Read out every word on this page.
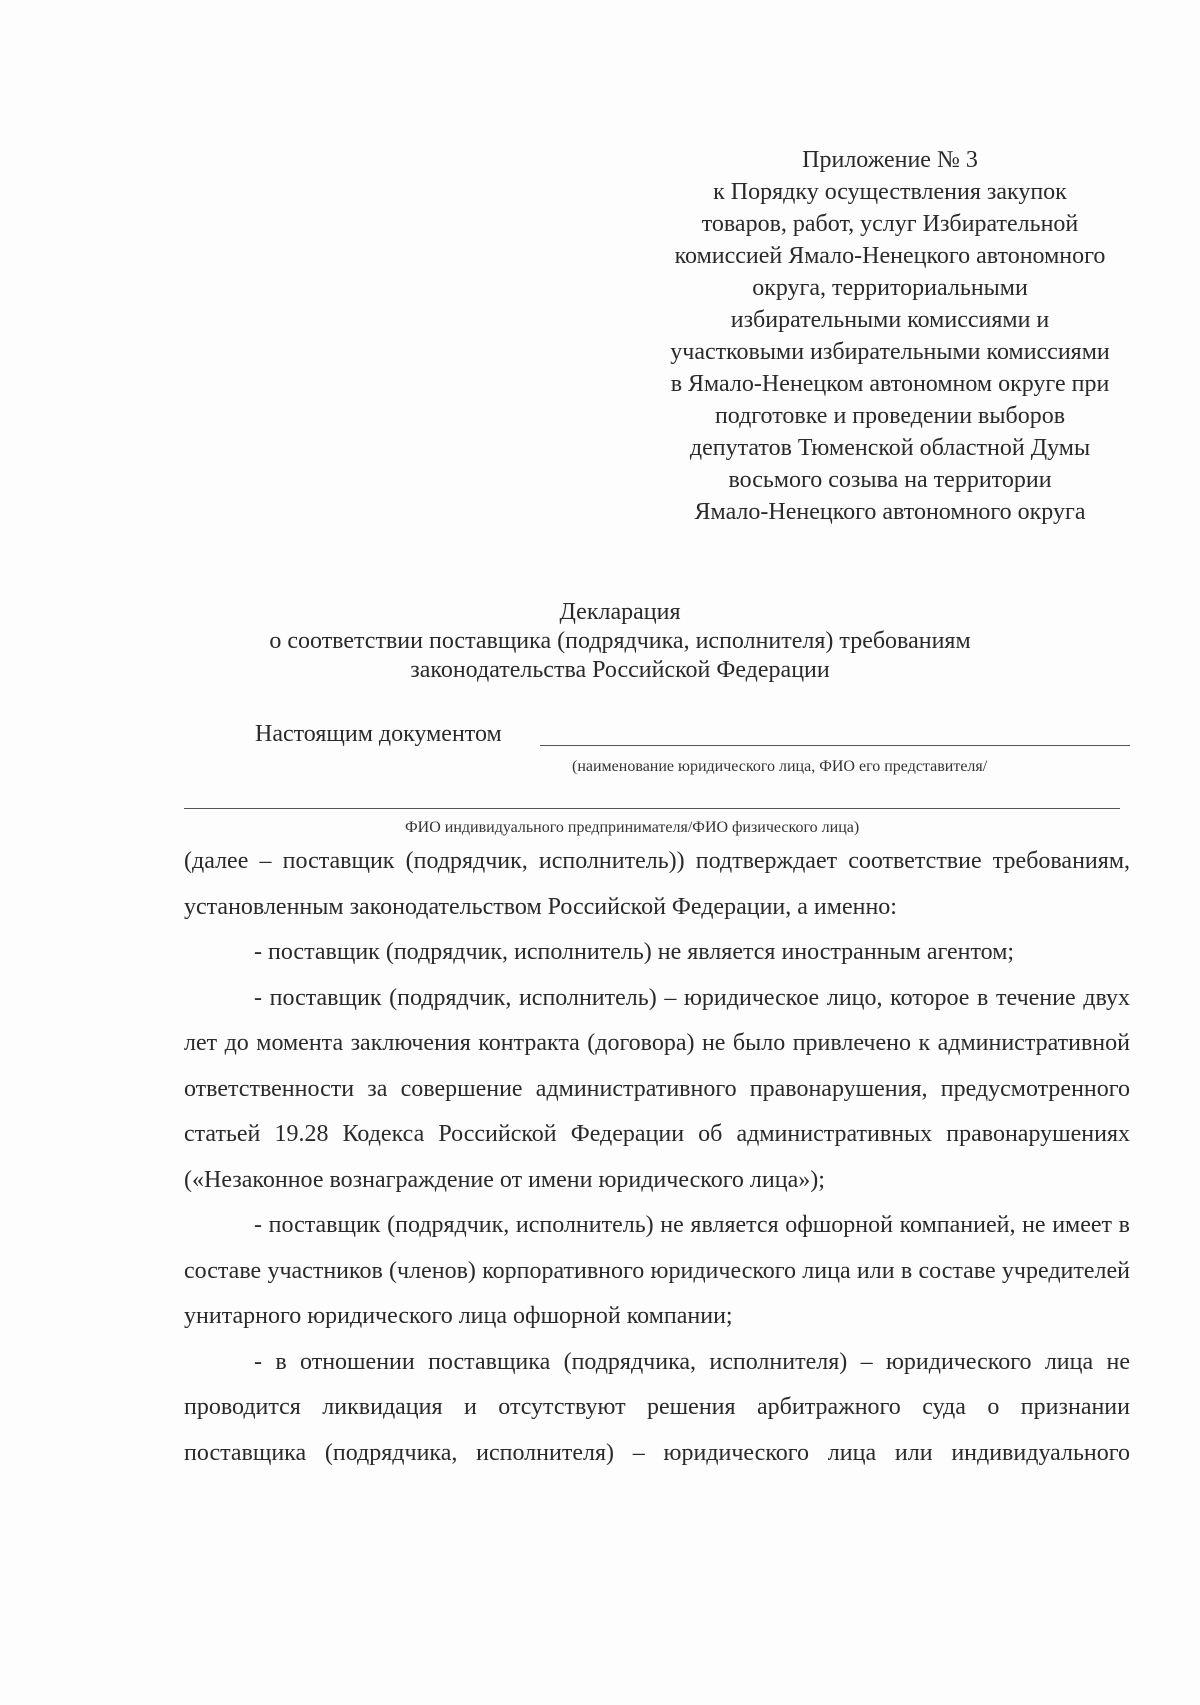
Приложение № 3
к Порядку осуществления закупок
товаров, работ, услуг Избирательной
комиссией Ямало-Ненецкого автономного
округа, территориальными
избирательными комиссиями и
участковыми избирательными комиссиями
в Ямало-Ненецком автономном округе при
подготовке и проведении выборов
депутатов Тюменской областной Думы
восьмого созыва на территории
Ямало-Ненецкого автономного округа
Декларация
о соответствии поставщика (подрядчика, исполнителя) требованиям
законодательства Российской Федерации
Настоящим документом
(наименование юридического лица, ФИО его представителя/
ФИО индивидуального предпринимателя/ФИО физического лица)

(далее – поставщик (подрядчик, исполнитель)) подтверждает соответствие требованиям, установленным законодательством Российской Федерации, а именно:

- поставщик (подрядчик, исполнитель) не является иностранным агентом;

- поставщик (подрядчик, исполнитель) – юридическое лицо, которое в течение двух лет до момента заключения контракта (договора) не было привлечено к административной ответственности за совершение административного правонарушения, предусмотренного статьей 19.28 Кодекса Российской Федерации об административных правонарушениях («Незаконное вознаграждение от имени юридического лица»);

- поставщик (подрядчик, исполнитель) не является офшорной компанией, не имеет в составе участников (членов) корпоративного юридического лица или в составе учредителей унитарного юридического лица офшорной компании;

- в отношении поставщика (подрядчика, исполнителя) – юридического лица не проводится ликвидация и отсутствуют решения арбитражного суда о признании поставщика (подрядчика, исполнителя) – юридического лица или индивидуального
